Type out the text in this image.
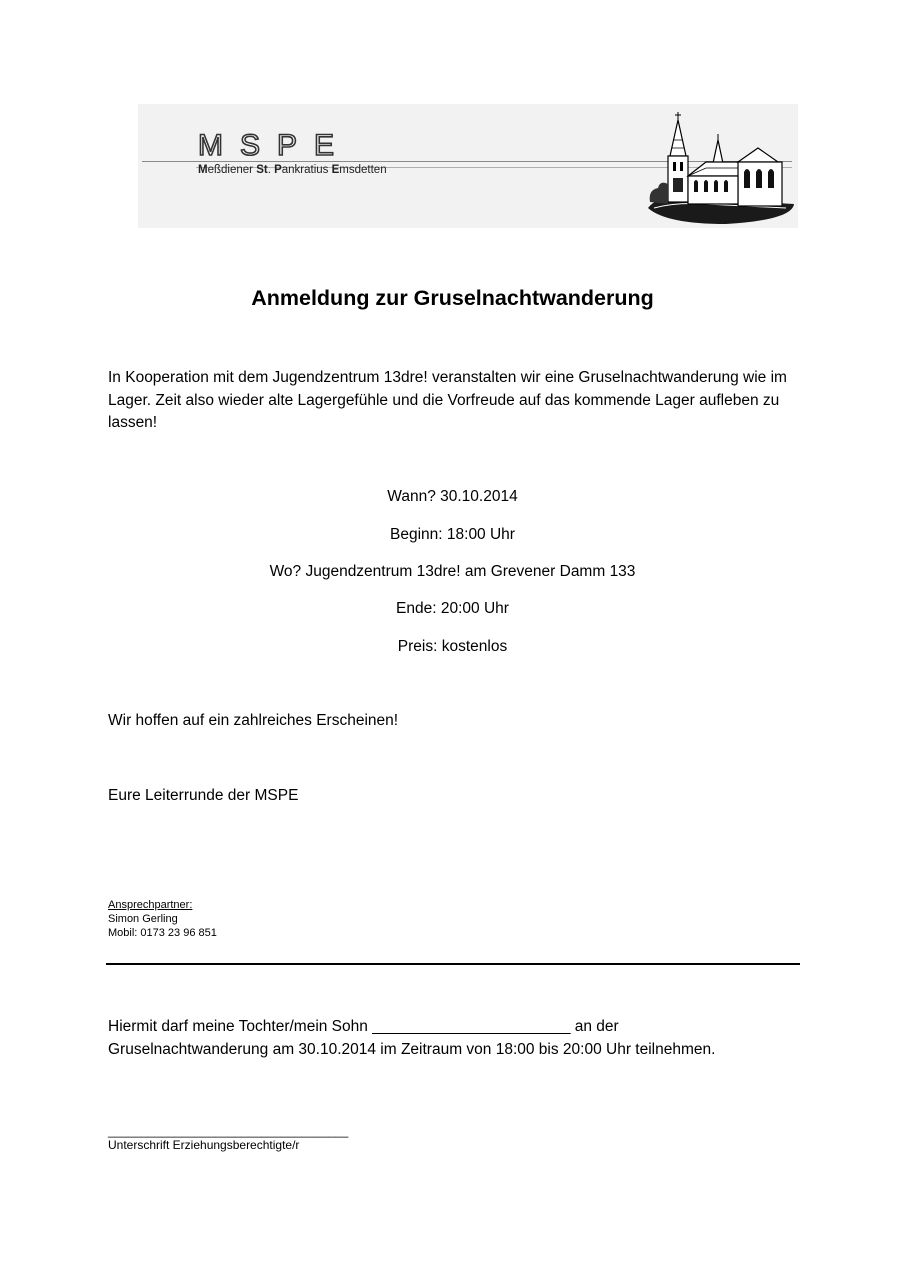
MSPE
Meßdiener St. Pankratius Emsdetten
Anmeldung zur Gruselnachtwanderung
In Kooperation mit dem Jugendzentrum 13dre! veranstalten wir eine Gruselnachtwanderung wie im Lager. Zeit also wieder alte Lagergefühle und die Vorfreude auf das kommende Lager aufleben zu lassen!
Wann? 30.10.2014
Beginn: 18:00 Uhr
Wo? Jugendzentrum 13dre! am Grevener Damm 133
Ende: 20:00 Uhr
Preis: kostenlos
Wir hoffen auf ein zahlreiches Erscheinen!
Eure Leiterrunde der MSPE
Ansprechpartner:
Simon Gerling
Mobil: 0173 23 96 851
Hiermit darf meine Tochter/mein Sohn _______________________ an der
Gruselnachtwanderung am 30.10.2014 im Zeitraum von 18:00 bis 20:00 Uhr teilnehmen.
____________________________________
Unterschrift Erziehungsberechtigte/r
